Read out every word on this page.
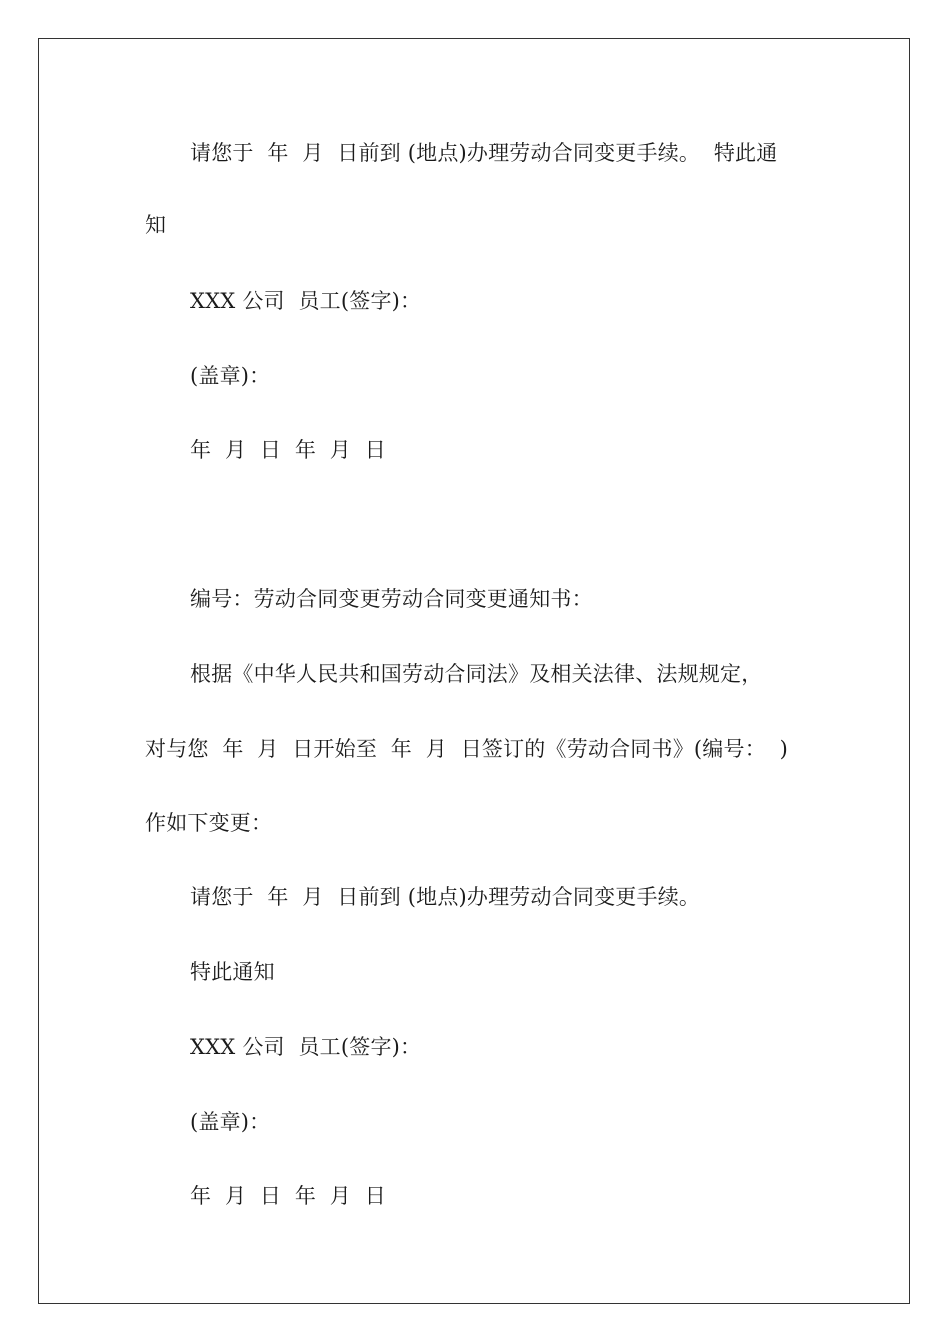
请您于  年  月  日前到 (地点)办理劳动合同变更手续。  特此通
知
XXX 公司  员工(签字)：
(盖章)：
年  月  日  年  月  日
编号：劳动合同变更劳动合同变更通知书：
根据《中华人民共和国劳动合同法》及相关法律、法规规定，
对与您  年  月  日开始至  年  月  日签订的《劳动合同书》(编号：  )
作如下变更：
请您于  年  月  日前到 (地点)办理劳动合同变更手续。
特此通知
XXX 公司  员工(签字)：
(盖章)：
年  月  日  年  月  日
